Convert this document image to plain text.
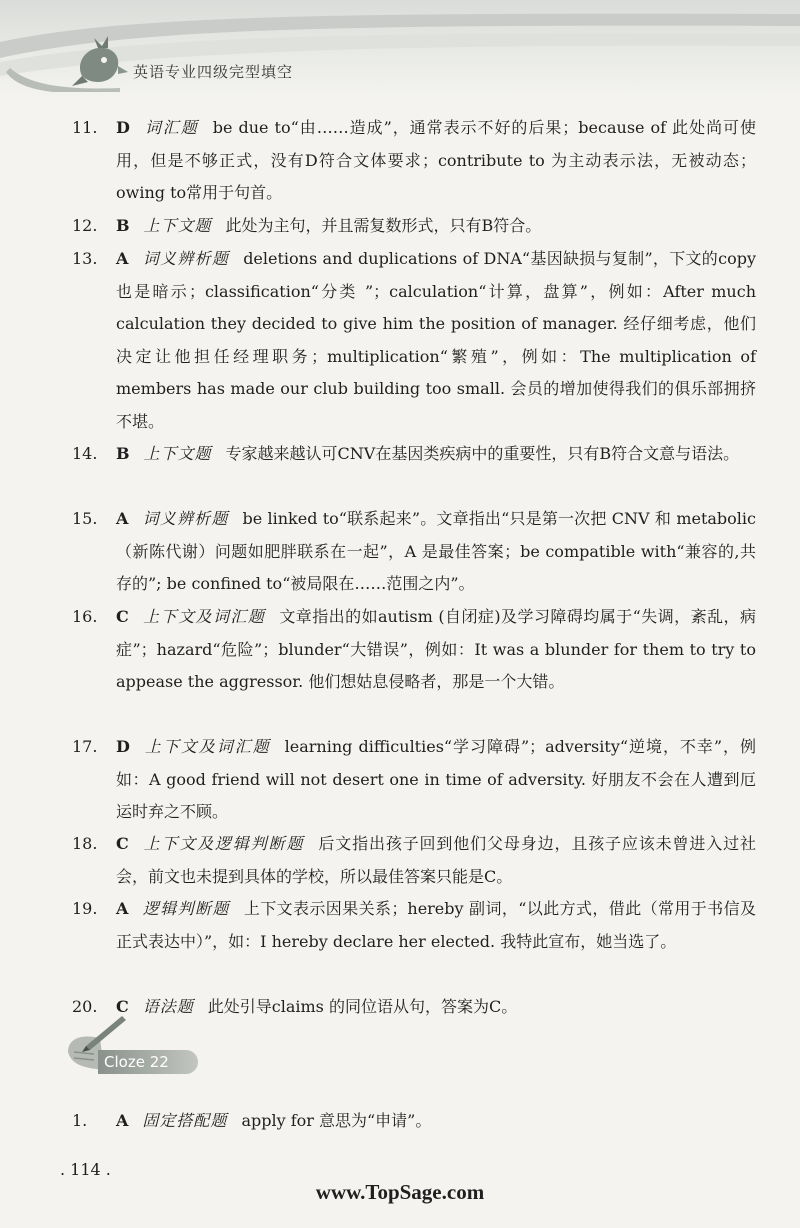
英语专业四级完型填空
11. D 词汇题 be due to“由……造成”，通常表示不好的后果；because of 此处尚可使用，但是不够正式，没有D符合文体要求；contribute to 为主动表示法，无被动态；owing to常用于句首。
12. B 上下文题 此处为主句，并且需复数形式，只有B符合。
13. A 词义辨析题 deletions and duplications of DNA“基因缺损与复制”，下文的copy 也是暗示；classification“分类 ”；calculation“计算，盘算”，例如：After much calculation they decided to give him the position of manager. 经仔细考虑，他们决定让他担任经理职务；multiplication“繁殖”，例如：The multiplication of members has made our club building too small. 会员的增加使得我们的俱乐部拥挤不堪。
14. B 上下文题 专家越来越认可CNV在基因类疾病中的重要性，只有B符合文意与语法。
15. A 词义辨析题 be linked to“联系起来”。文章指出“只是第一次把 CNV 和 metabolic（新陈代谢）问题如肥胖联系在一起”，A 是最佳答案；be compatible with“兼容的,共存的”; be confined to“被局限在……范围之内”。
16. C 上下文及词汇题 文章指出的如autism (自闭症)及学习障碍均属于“失调，紊乱，病症”；hazard“危险”；blunder“大错误”，例如：It was a blunder for them to try to appease the aggressor. 他们想姑息侵略者，那是一个大错。
17. D 上下文及词汇题 learning difficulties“学习障碍”；adversity“逆境，不幸”，例如：A good friend will not desert one in time of adversity. 好朋友不会在人遭到厄运时弃之不顾。
18. C 上下文及逻辑判断题 后文指出孩子回到他们父母身边，且孩子应该未曾进入过社会，前文也未提到具体的学校，所以最佳答案只能是C。
19. A 逻辑判断题 上下文表示因果关系；hereby 副词，“以此方式，借此（常用于书信及正式表达中）”，如：I hereby declare her elected. 我特此宣布，她当选了。
20. C 语法题 此处引导claims 的同位语从句，答案为C。
Cloze 22
1. A 固定搭配题 apply for 意思为“申请”。
. 114 .
www.TopSage.com
